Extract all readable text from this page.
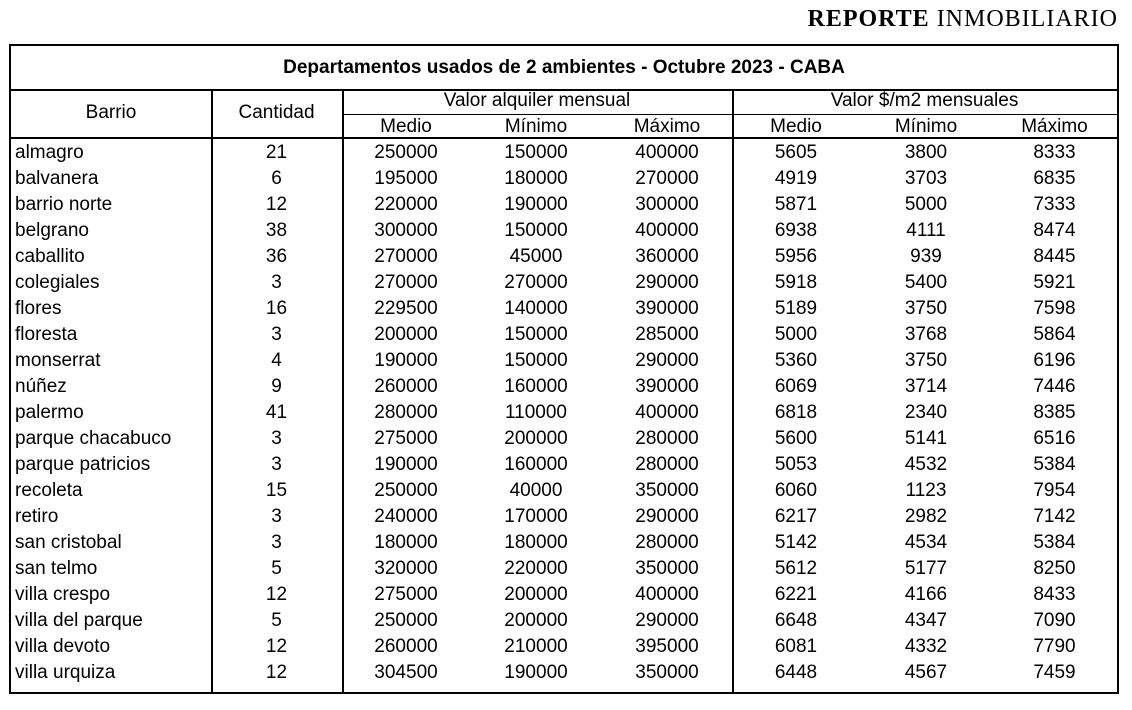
REPORTE INMOBILIARIO
Departamentos usados de 2 ambientes - Octubre 2023 - CABA
Barrio	Cantidad
Valor alquiler mensual	Valor $/m2 mensuales
Medio	Mínimo	Máximo	Medio	Mínimo	Máximo
almagro	21	250000	150000	400000	5605	3800	8333
balvanera	6	195000	180000	270000	4919	3703	6835
barrio norte	12	220000	190000	300000	5871	5000	7333
belgrano	38	300000	150000	400000	6938	4111	8474
caballito	36	270000	45000	360000	5956	939	8445
colegiales	3	270000	270000	290000	5918	5400	5921
flores	16	229500	140000	390000	5189	3750	7598
floresta	3	200000	150000	285000	5000	3768	5864
monserrat	4	190000	150000	290000	5360	3750	6196
núñez	9	260000	160000	390000	6069	3714	7446
palermo	41	280000	110000	400000	6818	2340	8385
parque chacabuco	3	275000	200000	280000	5600	5141	6516
parque patricios	3	190000	160000	280000	5053	4532	5384
recoleta	15	250000	40000	350000	6060	1123	7954
retiro	3	240000	170000	290000	6217	2982	7142
san cristobal	3	180000	180000	280000	5142	4534	5384
san telmo	5	320000	220000	350000	5612	5177	8250
villa crespo	12	275000	200000	400000	6221	4166	8433
villa del parque	5	250000	200000	290000	6648	4347	7090
villa devoto	12	260000	210000	395000	6081	4332	7790
villa urquiza	12	304500	190000	350000	6448	4567	7459
